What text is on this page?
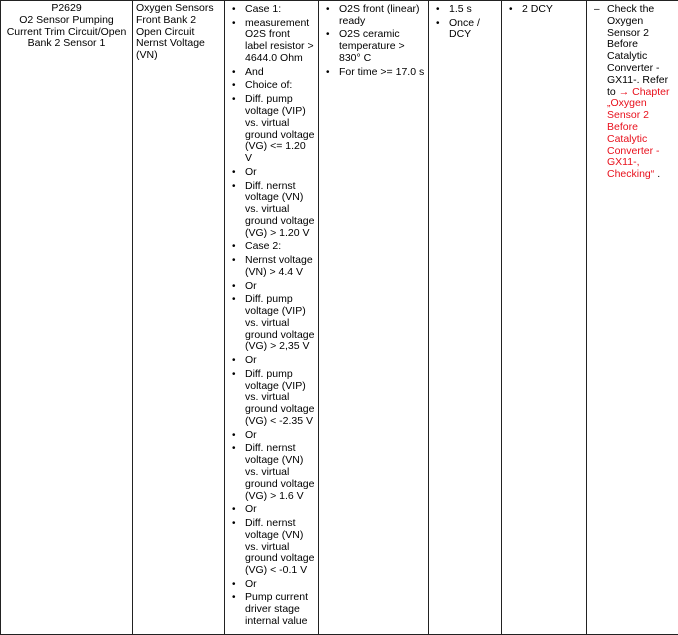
P2629
O2 Sensor Pumping Current Trim Circuit/Open Bank 2 Sensor 1
	Oxygen Sensors Front Bank 2 Open Circuit Nernst Voltage (VN)	
• Case 1:
• measurement O2S front label resistor > 4644.0 Ohm
• And
• Choice of:
• Diff. pump voltage (VIP) vs. virtual ground voltage (VG) <= 1.20 V
• Or
• Diff. nernst voltage (VN) vs. virtual ground voltage (VG) > 1.20 V
• Case 2:
• Nernst voltage (VN) > 4.4 V
• Or
• Diff. pump voltage (VIP) vs. virtual ground voltage (VG) > 2,35 V
• Or
• Diff. pump voltage (VIP) vs. virtual ground voltage (VG) < -2.35 V
• Or
• Diff. nernst voltage (VN) vs. virtual ground voltage (VG) > 1.6 V
• Or
• Diff. nernst voltage (VN) vs. virtual ground voltage (VG) < -0.1 V
• Or
• Pump current driver stage internal value

• O2S front (linear) ready
• O2S ceramic temperature > 830° C
• For time >= 17.0 s

• 1.5 s
• Once / DCY

• 2 DCY	– Check the Oxygen Sensor 2 Before Catalytic Converter - GX11-. Refer to → Chapter „Oxygen Sensor 2 Before Catalytic Converter - GX11-, Checking“ .
